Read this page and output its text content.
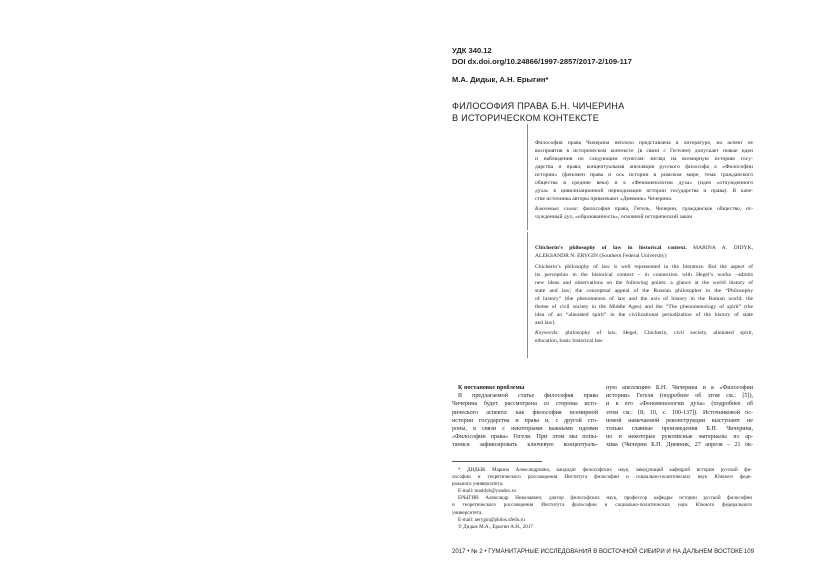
УДК 340.12
DOI dx.doi.org/10.24866/1997-2857/2017-2/109-117
М.А. Дидык, А.Н. Ерыгин*
ФИЛОСОФИЯ ПРАВА Б.Н. ЧИЧЕРИНА
В ИСТОРИЧЕСКОМ КОНТЕКСТЕ
Философия права Чичерина неплохо представлена в литературе, но аспект ее
восприятия в историческом контексте (в связи с Гегелем) допускает новые идеи
и наблюдения по следующим пунктам: взгляд на всемирную историю госу-
дарства и права; концептуальная апелляция русского философа к «Философии
истории» (феномен права и ось истории в римском мире, тема гражданского
общества в средние века) и к «Феноменологии духа» (идея «отчужденного
духа» в цивилизационной периодизации истории государства и права). В каче-
стве источника авторы привлекают «Дневник» Чичерина.
Ключевые слова: философия права, Гегель, Чичерин, гражданское общество, от-
чужденный дух, «образованность», основной исторический закон
Chicherin’s philosophy of law in historical context. MARINA A. DIDYK,
ALEKSANDR N. ERYGIN (Southern Federal University)
Chicherin’s philosophy of law is well represented in the literature. But the aspect of
its perception in the historical context – in connection with Hegel’s works –admits
new ideas and observations on the following points: a glance at the world history of
state and law; the conceptual appeal of the Russian philosopher to the “Philosophy
of history” (the phenomenon of law and the axis of history in the Roman world, the
theme of civil society in the Middle Ages) and the “The phenomenology of spirit” (the
idea of an “alienated spirit” in the civilizational periodization of the history of state
and law).
Keywords: philosophy of law, Hegel, Chicherin, civil society, alienated spirit,
education, basic historical law
К постановке проблемы
В предлагаемой статье философия права
Чичерина будет рассмотрена со стороны исто-
рического аспекта: как философия всемирной
истории государства и права и, с другой сто-
роны, в связи с некоторыми важными идеями
«Философии права» Гегеля. При этом мы попы-
таемся зафиксировать ключевую концептуаль-
ную апелляцию Б.Н. Чичерина и к «Философии
истории» Гегеля (подробнее об этом см.: [5]),
и к его «Феноменологии духа» (подробнее об
этом см.: [8; 10, с. 100-137]). Источниковой ос-
новой намечаемой реконструкции выступают не
только главные произведения Б.Н. Чичерина,
но и некоторые рукописные материалы из ар-
хива (Чичерин Б.Н. Дневник, 27 апреля – 21 ок-
* ДИДЫК Марина Александровна, кандидат философских наук, заведующий кафедрой истории русской фи-
лософии и теоретического россоведения Института философии и социально-политических наук Южного феде-
рального университета.
E-mail: maddyk@yandex.ru
ЕРЫГИН Александр Николаевич, доктор философских наук, профессор кафедры истории русской философии
и теоретического россоведения Института философии и социально-политических наук Южного федерального
университета.
E-mail: aerygin@philos.sfedu.ru
© Дидык М.А., Ерыгин А.Н., 2017
2017 • № 2 • ГУМАНИТАРНЫЕ ИССЛЕДОВАНИЯ В ВОСТОЧНОЙ СИБИРИ И НА ДАЛЬНЕМ ВОСТОКЕ 109
